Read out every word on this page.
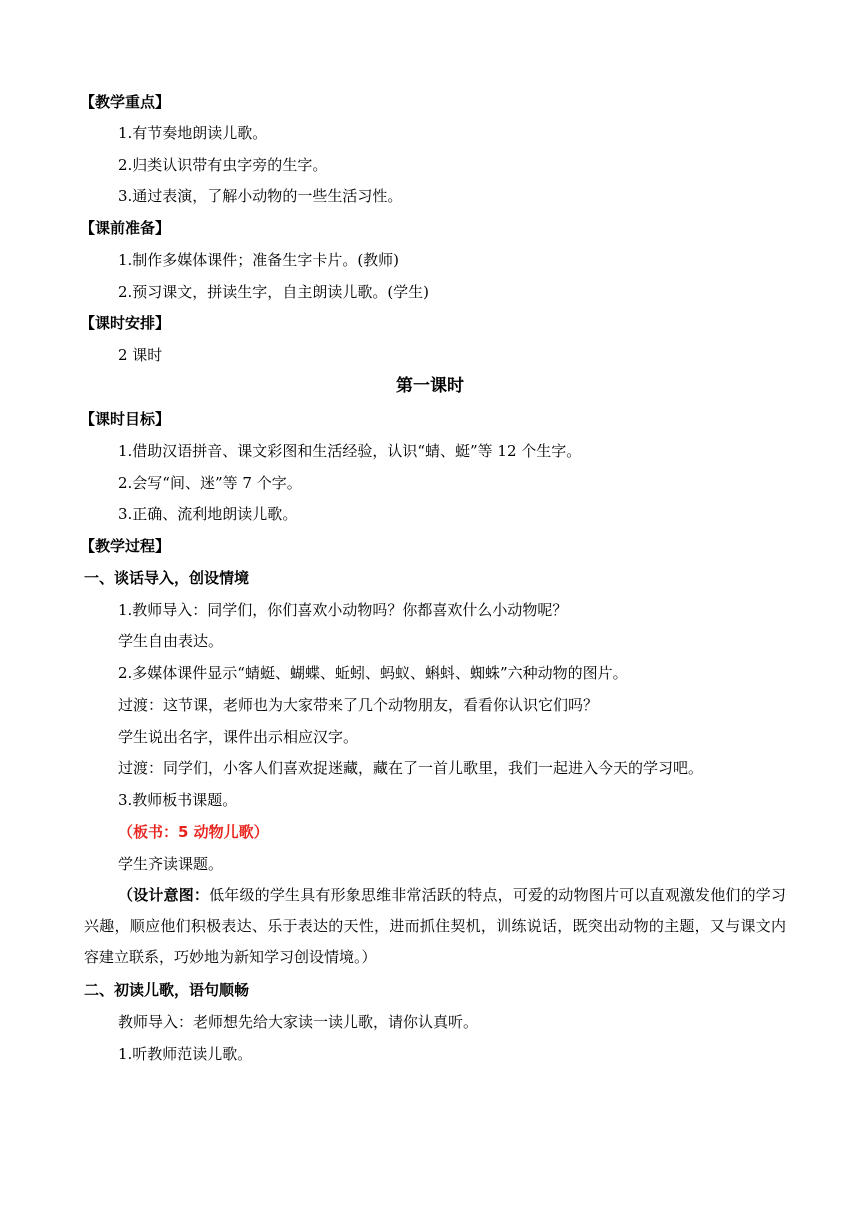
【教学重点】
1.有节奏地朗读儿歌。
2.归类认识带有虫字旁的生字。
3.通过表演，了解小动物的一些生活习性。
【课前准备】
1.制作多媒体课件；准备生字卡片。(教师)
2.预习课文，拼读生字，自主朗读儿歌。(学生)
【课时安排】
2 课时
第一课时
【课时目标】
1.借助汉语拼音、课文彩图和生活经验，认识“蜻、蜓”等 12 个生字。
2.会写“间、迷”等 7 个字。
3.正确、流利地朗读儿歌。
【教学过程】
一、谈话导入，创设情境
1.教师导入：同学们，你们喜欢小动物吗？你都喜欢什么小动物呢？
学生自由表达。
2.多媒体课件显示“蜻蜓、蝴蝶、蚯蚓、蚂蚁、蝌蚪、蜘蛛”六种动物的图片。
过渡：这节课，老师也为大家带来了几个动物朋友，看看你认识它们吗？
学生说出名字，课件出示相应汉字。
过渡：同学们，小客人们喜欢捉迷藏，藏在了一首儿歌里，我们一起进入今天的学习吧。
3.教师板书课题。
（板书：5 动物儿歌）
学生齐读课题。
（设计意图：低年级的学生具有形象思维非常活跃的特点，可爱的动物图片可以直观激发他们的学习兴趣，顺应他们积极表达、乐于表达的天性，进而抓住契机，训练说话，既突出动物的主题，又与课文内容建立联系，巧妙地为新知学习创设情境。）
二、初读儿歌，语句顺畅
教师导入：老师想先给大家读一读儿歌，请你认真听。
1.听教师范读儿歌。
